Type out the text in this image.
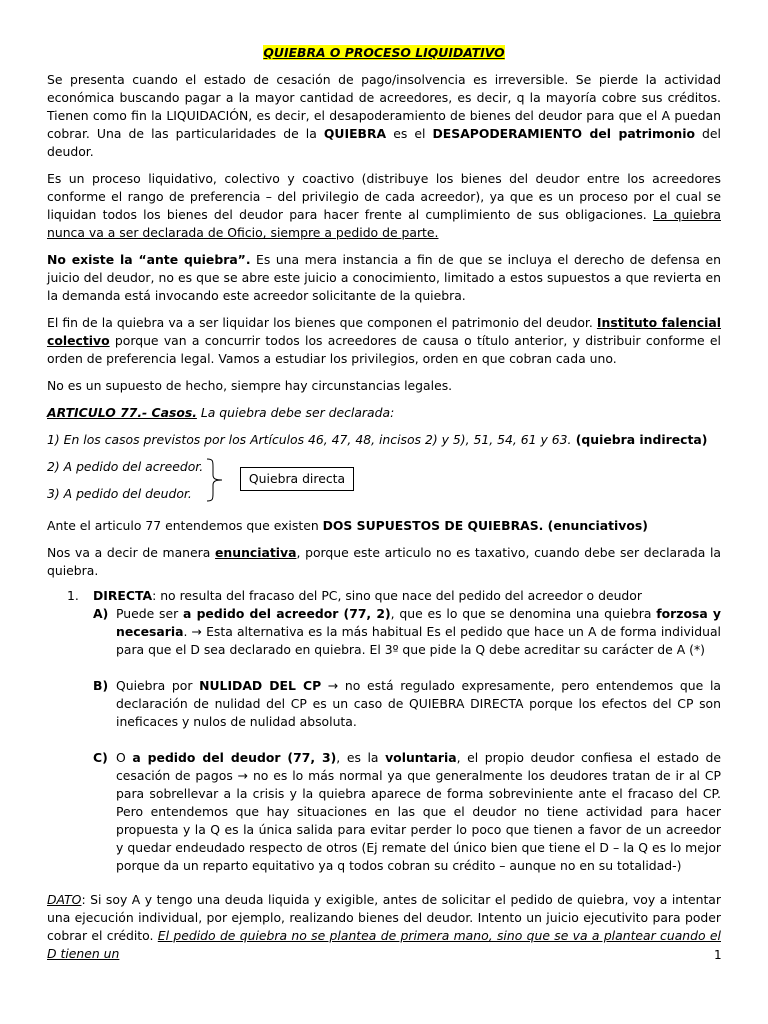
QUIEBRA O PROCESO LIQUIDATIVO

Se presenta cuando el estado de cesación de pago/insolvencia es irreversible. Se pierde la actividad económica buscando pagar a la mayor cantidad de acreedores, es decir, q la mayoría cobre sus créditos. Tienen como fin la LIQUIDACIÓN, es decir, el desapoderamiento de bienes del deudor para que el A puedan cobrar. Una de las particularidades de la QUIEBRA es el DESAPODERAMIENTO del patrimonio del deudor.

Es un proceso liquidativo, colectivo y coactivo (distribuye los bienes del deudor entre los acreedores conforme el rango de preferencia – del privilegio de cada acreedor), ya que es un proceso por el cual se liquidan todos los bienes del deudor para hacer frente al cumplimiento de sus obligaciones. La quiebra nunca va a ser declarada de Oficio, siempre a pedido de parte.

No existe la “ante quiebra”. Es una mera instancia a fin de que se incluya el derecho de defensa en juicio del deudor, no es que se abre este juicio a conocimiento, limitado a estos supuestos a que revierta en la demanda está invocando este acreedor solicitante de la quiebra.

El fin de la quiebra va a ser liquidar los bienes que componen el patrimonio del deudor. Instituto falencial colectivo porque van a concurrir todos los acreedores de causa o título anterior, y distribuir conforme el orden de preferencia legal. Vamos a estudiar los privilegios, orden en que cobran cada uno.

No es un supuesto de hecho, siempre hay circunstancias legales.

ARTICULO 77.- Casos. La quiebra debe ser declarada:

1) En los casos previstos por los Artículos 46, 47, 48, incisos 2) y 5), 51, 54, 61 y 63. (quiebra indirecta)

2) A pedido del acreedor.

3) A pedido del deudor.

Quiebra directa

Ante el articulo 77 entendemos que existen DOS SUPUESTOS DE QUIEBRAS. (enunciativos)

Nos va a decir de manera enunciativa, porque este articulo no es taxativo, cuando debe ser declarada la quiebra.

1. DIRECTA: no resulta del fracaso del PC, sino que nace del pedido del acreedor o deudor
A) Puede ser a pedido del acreedor (77, 2), que es lo que se denomina una quiebra forzosa y necesaria. → Esta alternativa es la más habitual Es el pedido que hace un A de forma individual para que el D sea declarado en quiebra. El 3º que pide la Q debe acreditar su carácter de A (*)

B) Quiebra por NULIDAD DEL CP → no está regulado expresamente, pero entendemos que la declaración de nulidad del CP es un caso de QUIEBRA DIRECTA porque los efectos del CP son ineficaces y nulos de nulidad absoluta.

C) O a pedido del deudor (77, 3), es la voluntaria, el propio deudor confiesa el estado de cesación de pagos → no es lo más normal ya que generalmente los deudores tratan de ir al CP para sobrellevar a la crisis y la quiebra aparece de forma sobreviniente ante el fracaso del CP. Pero entendemos que hay situaciones en las que el deudor no tiene actividad para hacer propuesta y la Q es la única salida para evitar perder lo poco que tienen a favor de un acreedor y quedar endeudado respecto de otros (Ej remate del único bien que tiene el D – la Q es lo mejor porque da un reparto equitativo ya q todos cobran su crédito – aunque no en su totalidad-)

DATO: Si soy A y tengo una deuda liquida y exigible, antes de solicitar el pedido de quiebra, voy a intentar una ejecución individual, por ejemplo, realizando bienes del deudor. Intento un juicio ejecutivito para poder cobrar el crédito. El pedido de quiebra no se plantea de primera mano, sino que se va a plantear cuando el D tienen un	1
